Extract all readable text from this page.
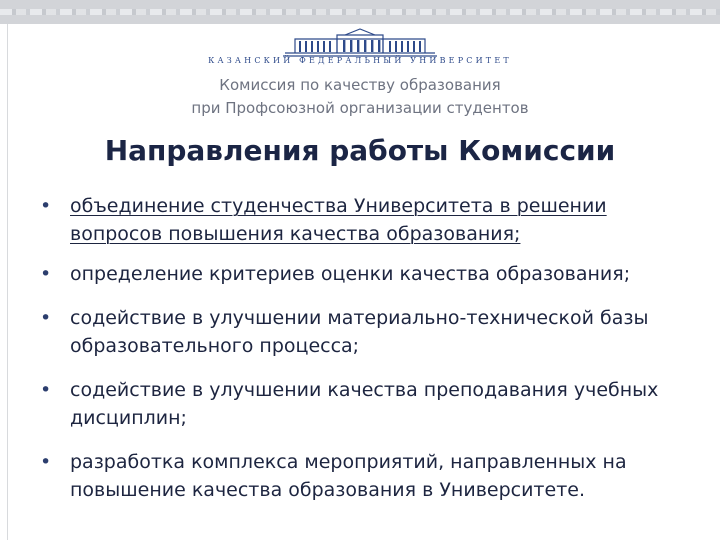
КАЗАНСКИЙ ФЕДЕРАЛЬНЫЙ УНИВЕРСИТЕТ
Комиссия по качеству образования
при Профсоюзной организации студентов
Направления работы Комиссии
• объединение студенчества Университета в решении вопросов повышения качества образования;
• определение критериев оценки качества образования;
• содействие в улучшении материально-технической базы образовательного процесса;
• содействие в улучшении качества преподавания учебных дисциплин;
• разработка комплекса мероприятий, направленных на повышение качества образования в Университете.
